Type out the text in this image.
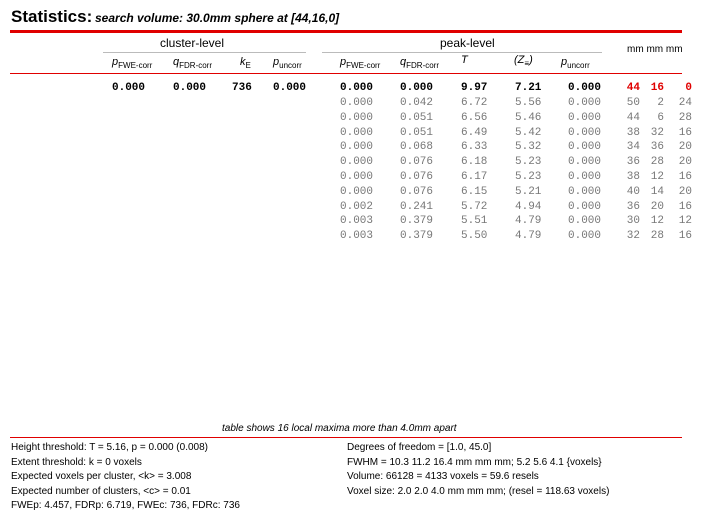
Statistics: search volume: 30.0mm sphere at [44,16,0]
cluster-level	peak-level	mm mm mm
$p_{FWE-corr}$ $q_{FDR-corr}$	$k_E$ $p_{uncorr}$	$p_{FWE-corr}$ $q_{FDR-corr}$ T	$(Z_\equiv)$	$p_{uncorr}$
0.000	0.000 736 0.000	0.000 0.000	9.97	7.21 0.000 44 16 0
0.000 0.042	6.72	5.56 0.000 50 2 24
0.000 0.051	6.56	5.46 0.000 44 6 28
0.000 0.051	6.49	5.42 0.000 38 32 16
0.000 0.068	6.33	5.32 0.000 34 36 20
0.000 0.076	6.18	5.23 0.000 36 28 20
0.000 0.076	6.17	5.23 0.000 38 12 16
0.000 0.076	6.15	5.21 0.000 40 14 20
0.002 0.241	5.72	4.94 0.000 36 20 16
0.003 0.379	5.51	4.79 0.000 30 12 12
0.003 0.379	5.50	4.79 0.000 32 28 16
table shows 16 local maxima more than 4.0mm apart
Height threshold: T = 5.16, p = 0.000 (0.008)
Extent threshold: k = 0 voxels
Expected voxels per cluster, <k> = 3.008
Expected number of clusters, <c> = 0.01
FWEp: 4.457, FDRp: 6.719, FWEc: 736, FDRc: 736
Degrees of freedom = [1.0, 45.0]
FWHM = 10.3 11.2 16.4 mm mm mm; 5.2 5.6 4.1 {voxels}
Volume: 66128 = 4133 voxels = 59.6 resels
Voxel size: 2.0 2.0 4.0 mm mm mm; (resel = 118.63 voxels)
